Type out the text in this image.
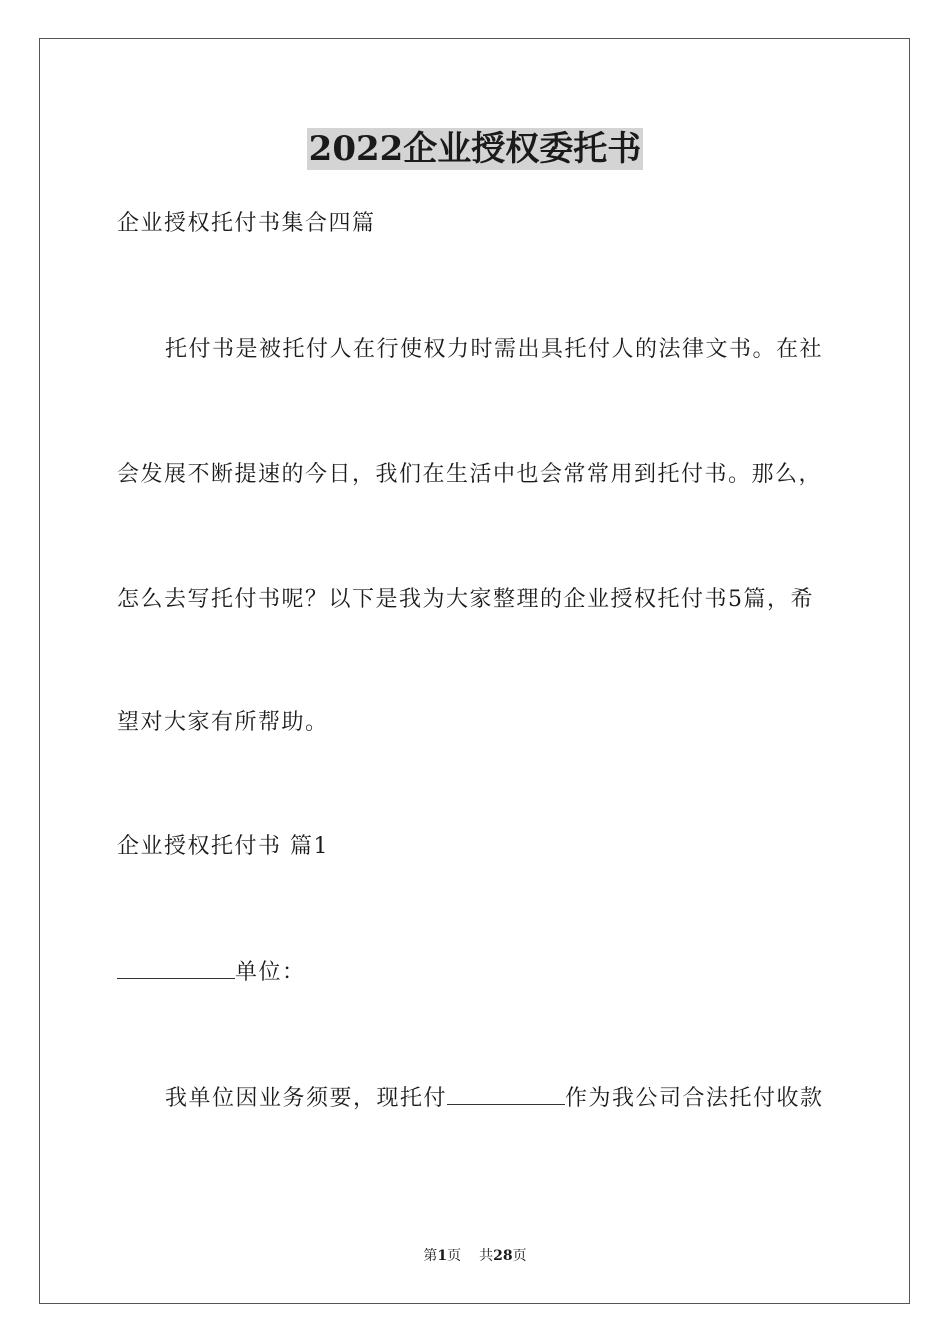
2022企业授权委托书
企业授权托付书集合四篇
托付书是被托付人在行使权力时需出具托付人的法律文书。在社
会发展不断提速的今日，我们在生活中也会常常用到托付书。那么，
怎么去写托付书呢？以下是我为大家整理的企业授权托付书5篇，希
望对大家有所帮助。
企业授权托付书 篇1
单位：
我单位因业务须要，现托付	作为我公司合法托付收款
第1页 共28页
